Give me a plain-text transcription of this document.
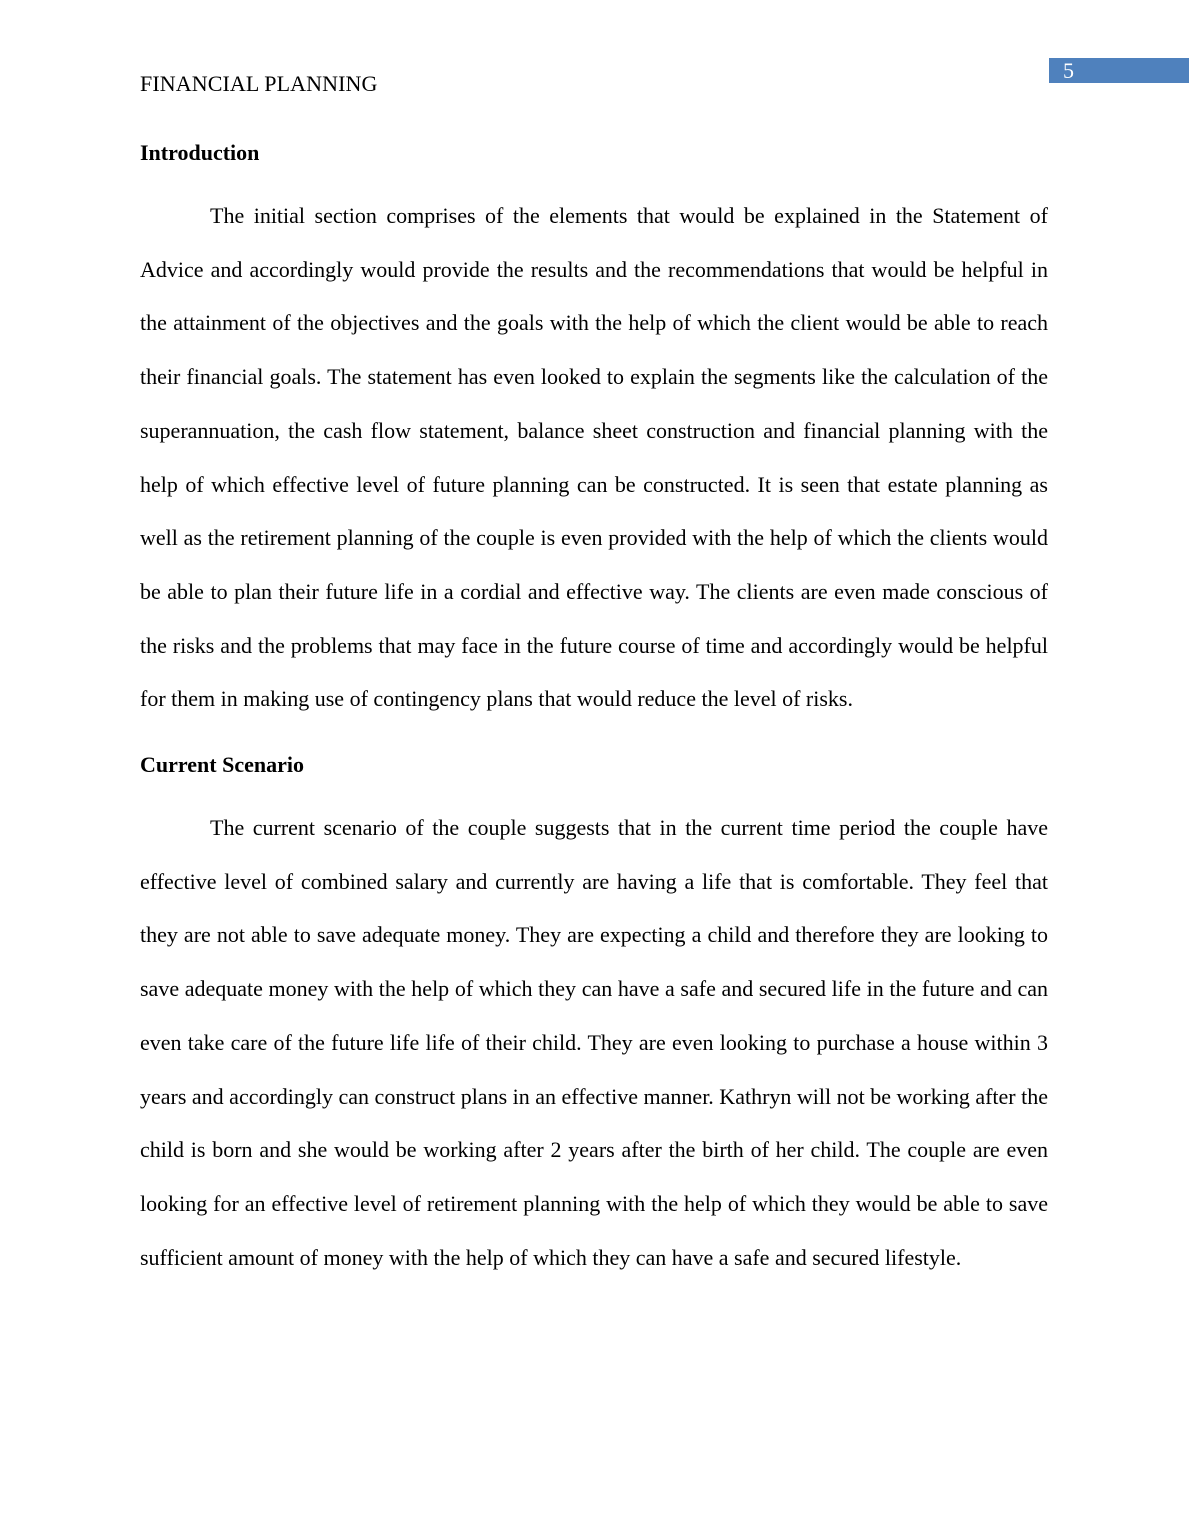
5
FINANCIAL PLANNING
Introduction

The initial section comprises of the elements that would be explained in the Statement of Advice and accordingly would provide the results and the recommendations that would be helpful in the attainment of the objectives and the goals with the help of which the client would be able to reach their financial goals. The statement has even looked to explain the segments like the calculation of the superannuation, the cash flow statement, balance sheet construction and financial planning with the help of which effective level of future planning can be constructed. It is seen that estate planning as well as the retirement planning of the couple is even provided with the help of which the clients would be able to plan their future life in a cordial and effective way. The clients are even made conscious of the risks and the problems that may face in the future course of time and accordingly would be helpful for them in making use of contingency plans that would reduce the level of risks.

Current Scenario

The current scenario of the couple suggests that in the current time period the couple have effective level of combined salary and currently are having a life that is comfortable. They feel that they are not able to save adequate money. They are expecting a child and therefore they are looking to save adequate money with the help of which they can have a safe and secured life in the future and can even take care of the future life life of their child. They are even looking to purchase a house within 3 years and accordingly can construct plans in an effective manner. Kathryn will not be working after the child is born and she would be working after 2 years after the birth of her child. The couple are even looking for an effective level of retirement planning with the help of which they would be able to save sufficient amount of money with the help of which they can have a safe and secured lifestyle.
